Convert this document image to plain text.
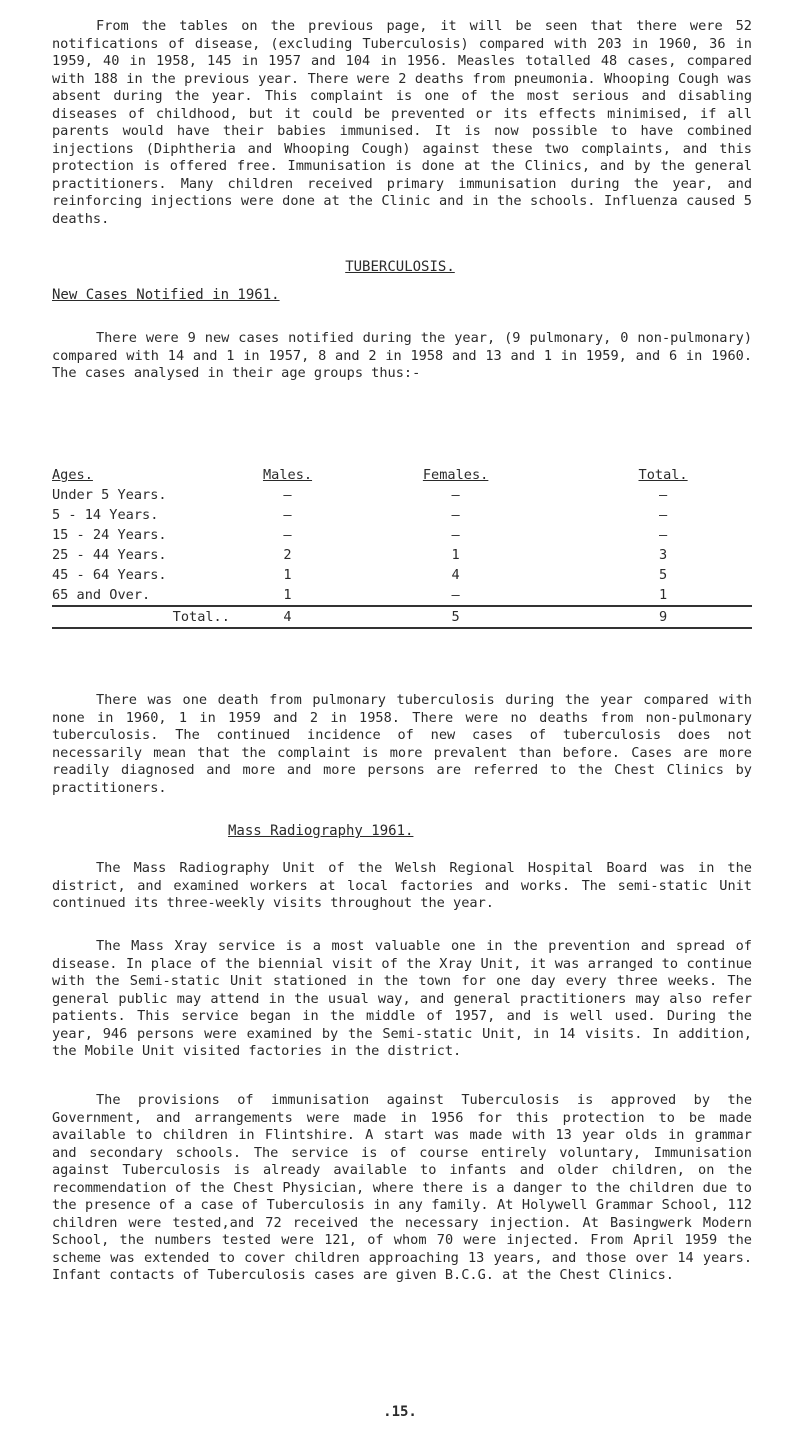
From the tables on the previous page, it will be seen that there were 52 notifications of disease, (excluding Tuberculosis) compared with 203 in 1960, 36 in 1959, 40 in 1958, 145 in 1957 and 104 in 1956. Measles totalled 48 cases, compared with 188 in the previous year. There were 2 deaths from pneumonia. Whooping Cough was absent during the year. This complaint is one of the most serious and disabling diseases of childhood, but it could be prevented or its effects minimised, if all parents would have their babies immunised. It is now possible to have combined injections (Diphtheria and Whooping Cough) against these two complaints, and this protection is offered free. Immunisation is done at the Clinics, and by the general practitioners. Many children received primary immunisation during the year, and reinforcing injections were done at the Clinic and in the schools. Influenza caused 5 deaths.

TUBERCULOSIS.
New Cases Notified in 1961.

There were 9 new cases notified during the year, (9 pulmonary, 0 non-pulmonary) compared with 14 and 1 in 1957, 8 and 2 in 1958 and 13 and 1 in 1959, and 6 in 1960. The cases analysed in their age groups thus:-

Ages.	Males.	Females.	Total.
Under 5 Years.	–	–	–
5 - 14 Years.	–	–	–
15 - 24 Years.	–	–	–
25 - 44 Years.	2	1	3
45 - 64 Years.	1	4	5
65 and Over.	1	–	1
Total..	4	5	9

There was one death from pulmonary tuberculosis during the year compared with none in 1960, 1 in 1959 and 2 in 1958. There were no deaths from non-pulmonary tuberculosis. The continued incidence of new cases of tuberculosis does not necessarily mean that the complaint is more prevalent than before. Cases are more readily diagnosed and more and more persons are referred to the Chest Clinics by practitioners.

Mass Radiography 1961.

The Mass Radiography Unit of the Welsh Regional Hospital Board was in the district, and examined workers at local factories and works. The semi-static Unit continued its three-weekly visits throughout the year.

The Mass Xray service is a most valuable one in the prevention and spread of disease. In place of the biennial visit of the Xray Unit, it was arranged to continue with the Semi-static Unit stationed in the town for one day every three weeks. The general public may attend in the usual way, and general practitioners may also refer patients. This service began in the middle of 1957, and is well used. During the year, 946 persons were examined by the Semi-static Unit, in 14 visits. In addition, the Mobile Unit visited factories in the district.

The provisions of immunisation against Tuberculosis is approved by the Government, and arrangements were made in 1956 for this protection to be made available to children in Flintshire. A start was made with 13 year olds in grammar and secondary schools. The service is of course entirely voluntary, Immunisation against Tuberculosis is already available to infants and older children, on the recommendation of the Chest Physician, where there is a danger to the children due to the presence of a case of Tuberculosis in any family. At Holywell Grammar School, 112 children were tested,and 72 received the necessary injection. At Basingwerk Modern School, the numbers tested were 121, of whom 70 were injected. From April 1959 the scheme was extended to cover children approaching 13 years, and those over 14 years. Infant contacts of Tuberculosis cases are given B.C.G. at the Chest Clinics.

.15.
